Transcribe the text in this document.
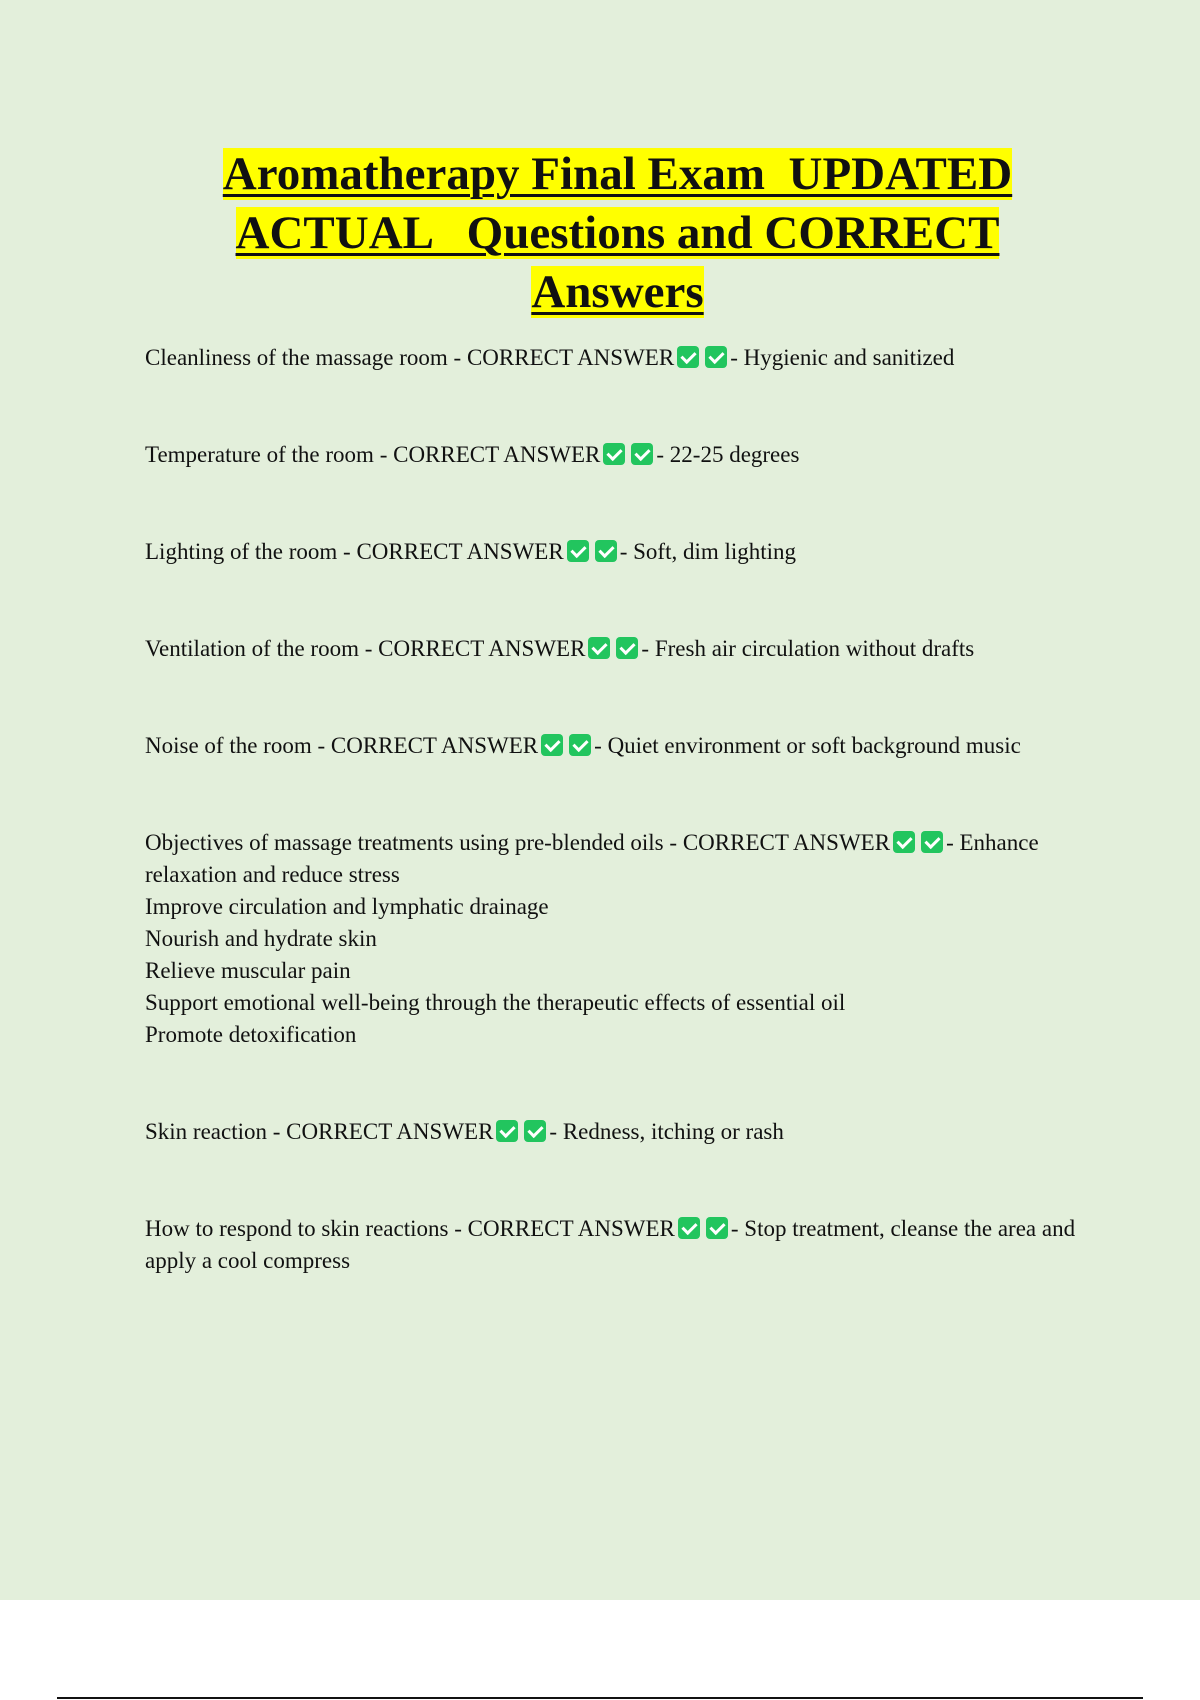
Aromatherapy Final Exam  UPDATED
ACTUAL   Questions and CORRECT
Answers

Cleanliness of the massage room - CORRECT ANSWER - Hygienic and sanitized

Temperature of the room - CORRECT ANSWER - 22-25 degrees

Lighting of the room - CORRECT ANSWER - Soft, dim lighting

Ventilation of the room - CORRECT ANSWER - Fresh air circulation without drafts

Noise of the room - CORRECT ANSWER - Quiet environment or soft background music

Objectives of massage treatments using pre-blended oils - CORRECT ANSWER - Enhance relaxation and reduce stress

Improve circulation and lymphatic drainage

Nourish and hydrate skin

Relieve muscular pain

Support emotional well-being through the therapeutic effects of essential oil

Promote detoxification

Skin reaction - CORRECT ANSWER - Redness, itching or rash

How to respond to skin reactions - CORRECT ANSWER - Stop treatment, cleanse the area and apply a cool compress
